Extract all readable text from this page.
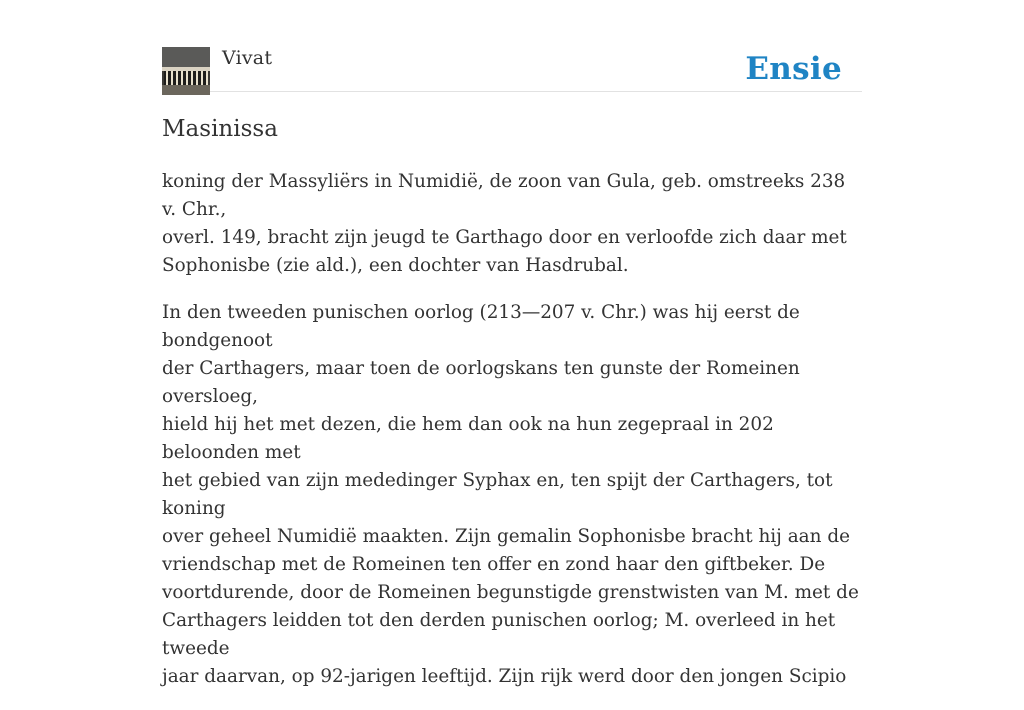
Vivat	Ensie
Masinissa

koning der Massyliërs in Numidië, de zoon van Gula, geb. omstreeks 238 v. Chr.,
overl. 149, bracht zijn jeugd te Garthago door en verloofde zich daar met
Sophonisbe (zie ald.), een dochter van Hasdrubal.

In den tweeden punischen oorlog (213—207 v. Chr.) was hij eerst de bondgenoot
der Carthagers, maar toen de oorlogskans ten gunste der Romeinen oversloeg,
hield hij het met dezen, die hem dan ook na hun zegepraal in 202 beloonden met
het gebied van zijn mededinger Syphax en, ten spijt der Carthagers, tot koning
over geheel Numidië maakten. Zijn gemalin Sophonisbe bracht hij aan de
vriendschap met de Romeinen ten offer en zond haar den giftbeker. De
voortdurende, door de Romeinen begunstigde grenstwisten van M. met de
Carthagers leidden tot den derden punischen oorlog; M. overleed in het tweede
jaar daarvan, op 92-jarigen leeftijd. Zijn rijk werd door den jongen Scipio
